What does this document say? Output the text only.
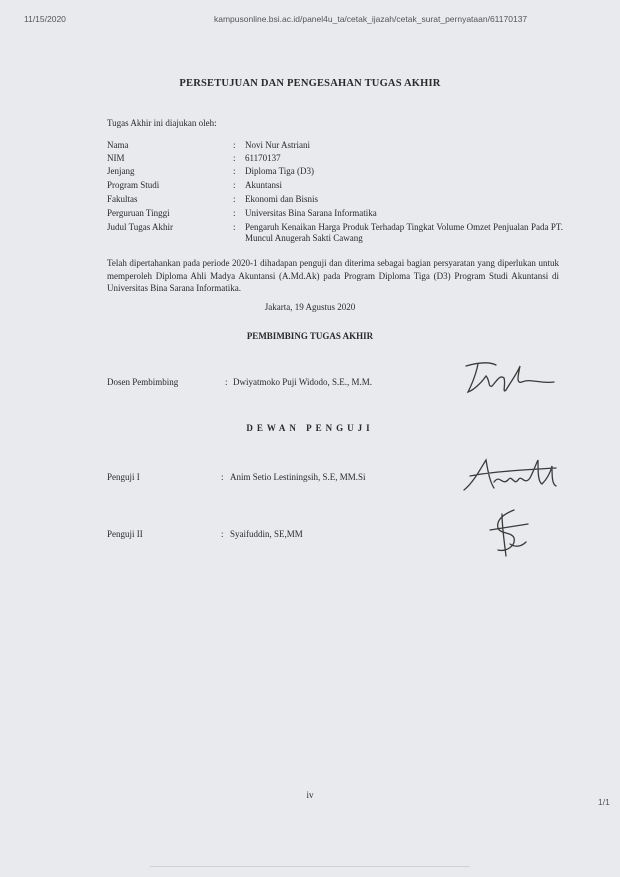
11/15/2020	kampusonline.bsi.ac.id/panel4u_ta/cetak_ijazah/cetak_surat_pernyataan/61170137
PERSETUJUAN DAN PENGESAHAN TUGAS AKHIR
Tugas Akhir ini diajukan oleh:
Nama	: Novi Nur Astriani
NIM	: 61170137
Jenjang	: Diploma Tiga (D3)
Program Studi	: Akuntansi
Fakultas	: Ekonomi dan Bisnis
Perguruan Tinggi	: Universitas Bina Sarana Informatika
Judul Tugas Akhir	: Pengaruh Kenaikan Harga Produk Terhadap Tingkat Volume Omzet Penjualan Pada PT. Muncul Anugerah Sakti Cawang
Telah dipertahankan pada periode 2020-1 dihadapan penguji dan diterima sebagai bagian persyaratan yang diperlukan untuk memperoleh Diploma Ahli Madya Akuntansi (A.Md.Ak) pada Program Diploma Tiga (D3) Program Studi Akuntansi di Universitas Bina Sarana Informatika.
Jakarta, 19 Agustus 2020
PEMBIMBING TUGAS AKHIR
Dosen Pembimbing	: Dwiyatmoko Puji Widodo, S.E., M.M.
DEWAN PENGUJI
Penguji I	: Anim Setio Lestiningsih, S.E, MM.Si
Penguji II	: Syaifuddin, SE,MM
iv
1/1
